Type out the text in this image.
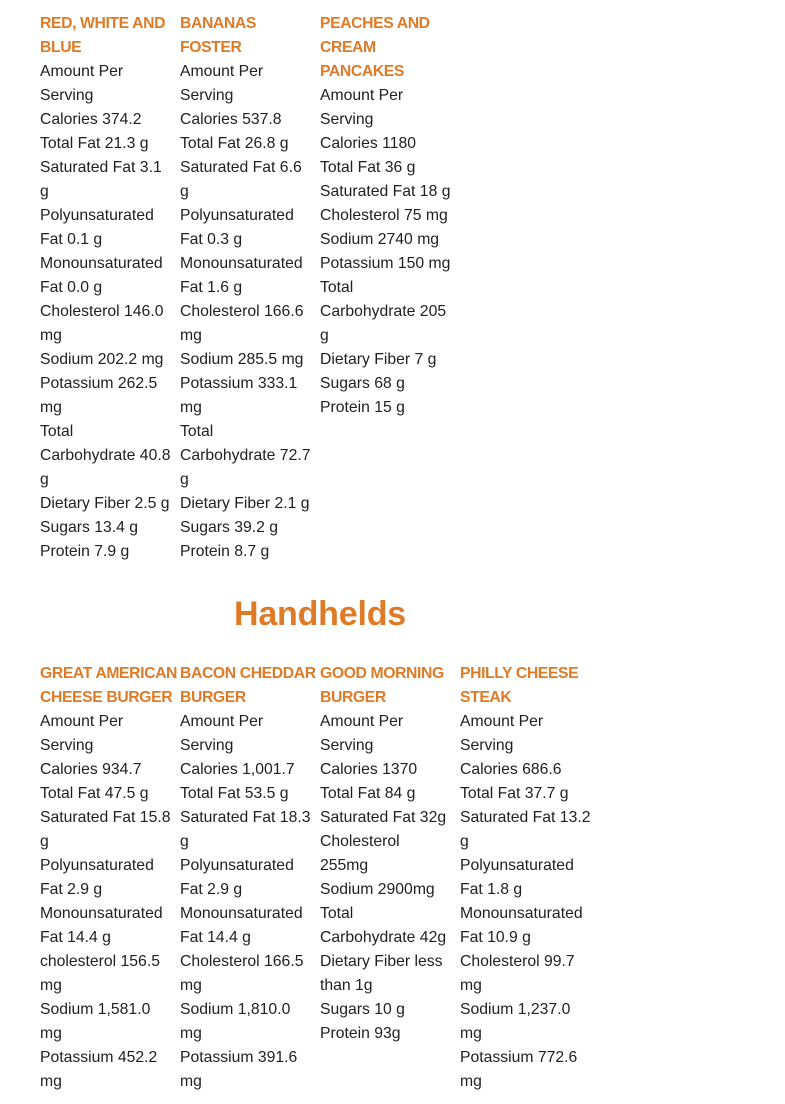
RED, WHITE AND BLUE
Amount Per Serving
Calories 374.2
Total Fat 21.3 g
Saturated Fat 3.1 g
Polyunsaturated Fat 0.1 g
Monounsaturated Fat 0.0 g
Cholesterol 146.0 mg
Sodium 202.2 mg
Potassium 262.5 mg
Total Carbohydrate 40.8 g
Dietary Fiber 2.5 g
Sugars 13.4 g
Protein 7.9 g
BANANAS FOSTER
Amount Per Serving
Calories 537.8
Total Fat 26.8 g
Saturated Fat 6.6 g
Polyunsaturated Fat 0.3 g
Monounsaturated Fat 1.6 g
Cholesterol 166.6 mg
Sodium 285.5 mg
Potassium 333.1 mg
Total Carbohydrate 72.7 g
Dietary Fiber 2.1 g
Sugars 39.2 g
Protein 8.7 g
PEACHES AND CREAM PANCAKES
Amount Per Serving
Calories 1180
Total Fat 36 g
Saturated Fat 18 g
Cholesterol 75 mg
Sodium 2740 mg
Potassium 150 mg
Total Carbohydrate 205 g
Dietary Fiber 7 g
Sugars 68 g
Protein 15 g
Handhelds
GREAT AMERICAN CHEESE BURGER
Amount Per Serving
Calories 934.7
Total Fat 47.5 g
Saturated Fat 15.8 g
Polyunsaturated Fat 2.9 g
Monounsaturated Fat 14.4 g
cholesterol 156.5 mg
Sodium 1,581.0 mg
Potassium 452.2 mg
BACON CHEDDAR BURGER
Amount Per Serving
Calories 1,001.7
Total Fat 53.5 g
Saturated Fat 18.3 g
Polyunsaturated Fat 2.9 g
Monounsaturated Fat 14.4 g
Cholesterol 166.5 mg
Sodium 1,810.0 mg
Potassium 391.6 mg
GOOD MORNING BURGER
Amount Per Serving
Calories 1370
Total Fat 84 g
Saturated Fat 32g
Cholesterol 255mg
Sodium 2900mg
Total Carbohydrate 42g
Dietary Fiber less than 1g
Sugars 10 g
Protein 93g
PHILLY CHEESE STEAK
Amount Per Serving
Calories 686.6
Total Fat 37.7 g
Saturated Fat 13.2 g
Polyunsaturated Fat 1.8 g
Monounsaturated Fat 10.9 g
Cholesterol 99.7 mg
Sodium 1,237.0 mg
Potassium 772.6 mg
